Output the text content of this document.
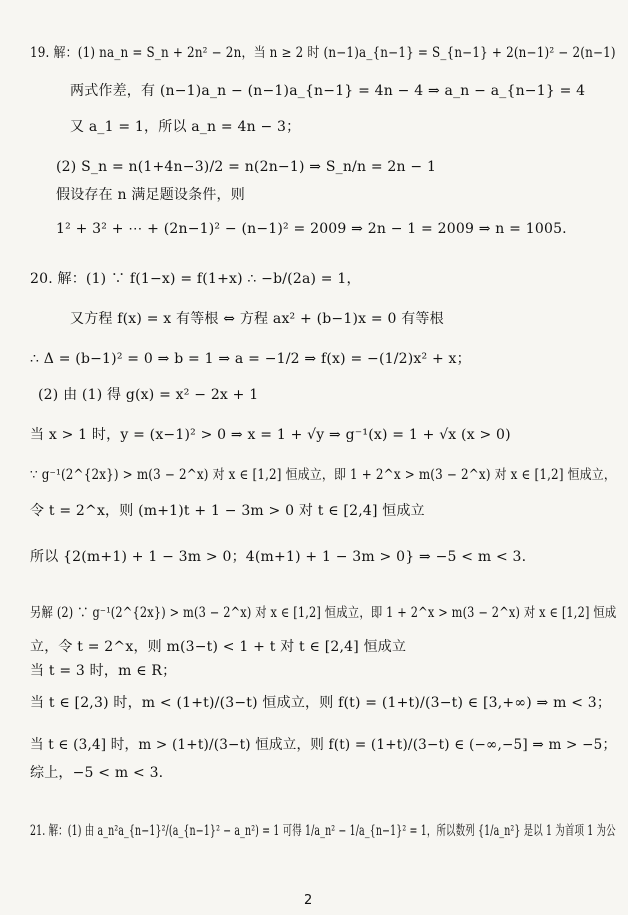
19. 解：(1) na_n = S_n + 2n² − 2n，当 n ≥ 2 时 (n−1)a_{n−1} = S_{n−1} + 2(n−1)² − 2(n−1)
两式作差，有 (n−1)a_n − (n−1)a_{n−1} = 4n − 4 ⇒ a_n − a_{n−1} = 4
又 a_1 = 1，所以 a_n = 4n − 3；
(2) S_n = n(1+4n−3)/2 = n(2n−1) ⇒ S_n/n = 2n − 1
假设存在 n 满足题设条件，则
1² + 3² + ⋯ + (2n−1)² − (n−1)² = 2009 ⇒ 2n − 1 = 2009 ⇒ n = 1005.
20. 解：(1) ∵ f(1−x) = f(1+x) ∴ −b/(2a) = 1，
又方程 f(x) = x 有等根 ⇔ 方程 ax² + (b−1)x = 0 有等根
∴ Δ = (b−1)² = 0 ⇒ b = 1 ⇒ a = −1/2 ⇒ f(x) = −(1/2)x² + x；
(2) 由 (1) 得 g(x) = x² − 2x + 1
当 x > 1 时，y = (x−1)² > 0 ⇒ x = 1 + √y ⇒ g⁻¹(x) = 1 + √x (x > 0)
∵ g⁻¹(2^{2x}) > m(3 − 2^x) 对 x ∈ [1,2] 恒成立，即 1 + 2^x > m(3 − 2^x) 对 x ∈ [1,2] 恒成立，
令 t = 2^x，则 (m+1)t + 1 − 3m > 0 对 t ∈ [2,4] 恒成立
所以 {2(m+1) + 1 − 3m > 0；4(m+1) + 1 − 3m > 0} ⇒ −5 < m < 3.
另解 (2) ∵ g⁻¹(2^{2x}) > m(3 − 2^x) 对 x ∈ [1,2] 恒成立，即 1 + 2^x > m(3 − 2^x) 对 x ∈ [1,2] 恒成
立，令 t = 2^x，则 m(3−t) < 1 + t 对 t ∈ [2,4] 恒成立
当 t = 3 时，m ∈ R；
当 t ∈ [2,3) 时，m < (1+t)/(3−t) 恒成立，则 f(t) = (1+t)/(3−t) ∈ [3,+∞) ⇒ m < 3；
当 t ∈ (3,4] 时，m > (1+t)/(3−t) 恒成立，则 f(t) = (1+t)/(3−t) ∈ (−∞,−5] ⇒ m > −5；
综上，−5 < m < 3.
21. 解：(1) 由 a_n²a_{n−1}²/(a_{n−1}² − a_n²) = 1 可得 1/a_n² − 1/a_{n−1}² = 1，所以数列 {1/a_n²} 是以 1 为首项 1 为公
2
